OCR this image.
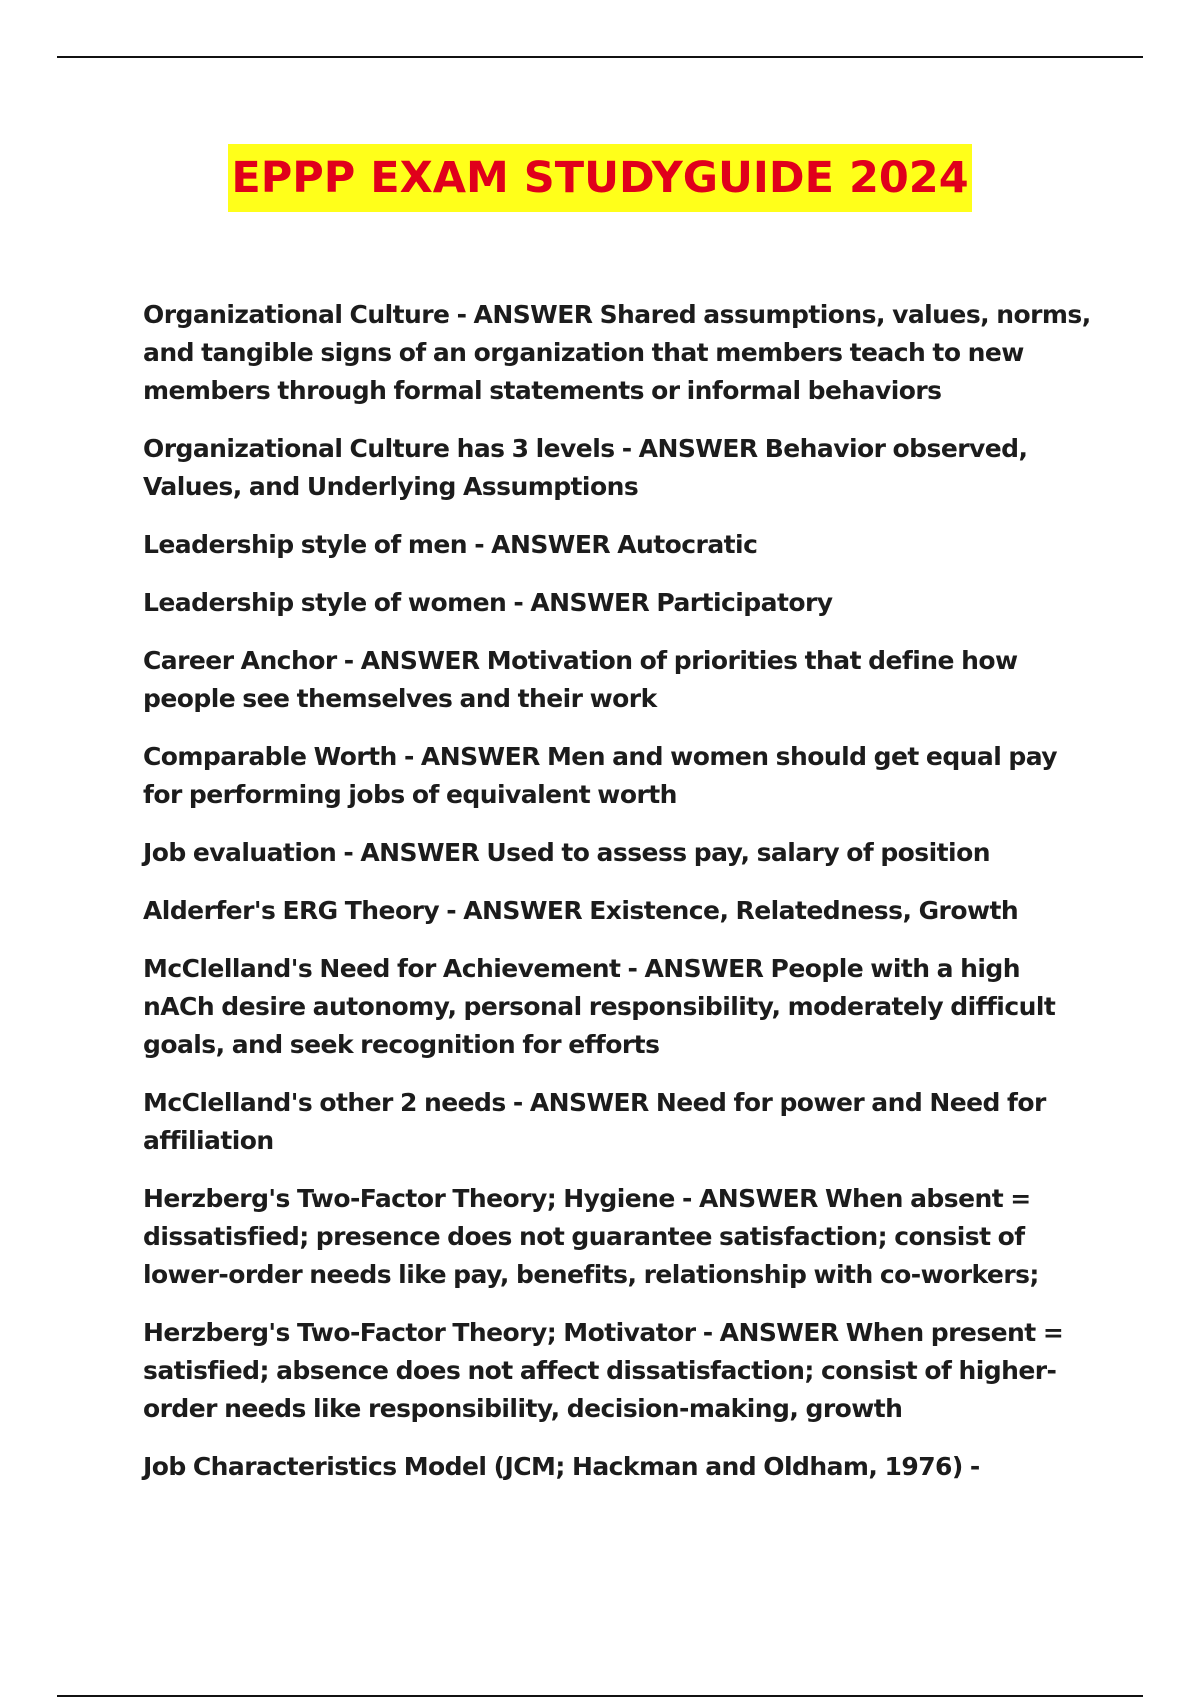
EPPP EXAM STUDYGUIDE 2024
Organizational Culture - ANSWER Shared assumptions, values, norms, and tangible signs of an organization that members teach to new members through formal statements or informal behaviors
Organizational Culture has 3 levels - ANSWER Behavior observed, Values, and Underlying Assumptions
Leadership style of men - ANSWER Autocratic
Leadership style of women - ANSWER Participatory
Career Anchor - ANSWER Motivation of priorities that define how people see themselves and their work
Comparable Worth - ANSWER Men and women should get equal pay for performing jobs of equivalent worth
Job evaluation - ANSWER Used to assess pay, salary of position
Alderfer's ERG Theory - ANSWER Existence, Relatedness, Growth
McClelland's Need for Achievement - ANSWER People with a high nACh desire autonomy, personal responsibility, moderately difficult goals, and seek recognition for efforts
McClelland's other 2 needs - ANSWER Need for power and Need for affiliation
Herzberg's Two-Factor Theory; Hygiene - ANSWER When absent = dissatisfied; presence does not guarantee satisfaction; consist of lower-order needs like pay, benefits, relationship with co-workers;
Herzberg's Two-Factor Theory; Motivator - ANSWER When present = satisfied; absence does not affect dissatisfaction; consist of higher-order needs like responsibility, decision-making, growth
Job Characteristics Model (JCM; Hackman and Oldham, 1976) -
